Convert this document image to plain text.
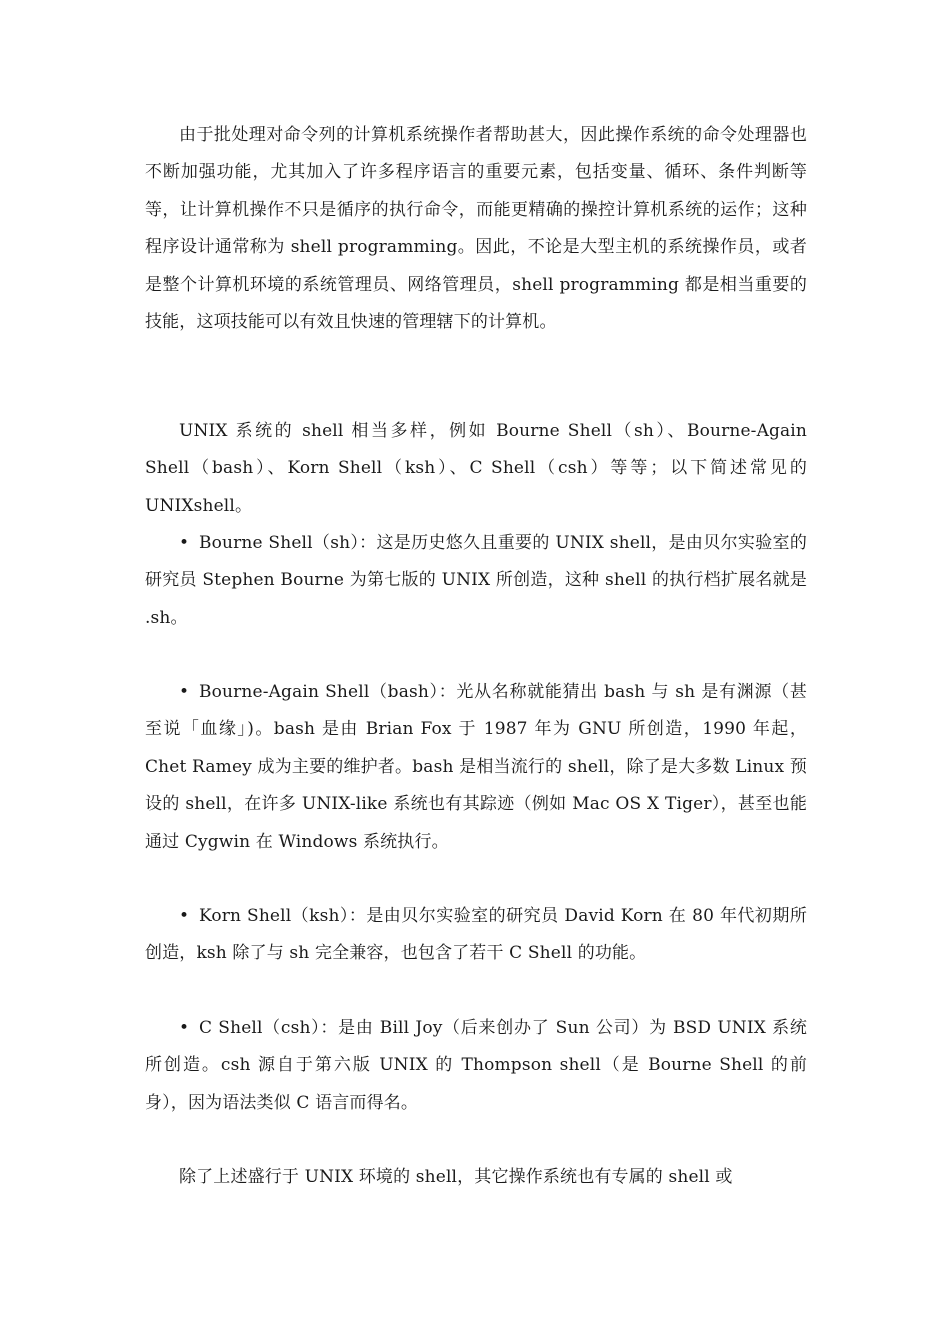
由于批处理对命令列的计算机系统操作者帮助甚大，因此操作系统的命令处理器也不断加强功能，尤其加入了许多程序语言的重要元素，包括变量、循环、条件判断等等，让计算机操作不只是循序的执行命令，而能更精确的操控计算机系统的运作；这种程序设计通常称为 shell programming。因此，不论是大型主机的系统操作员，或者是整个计算机环境的系统管理员、网络管理员，shell programming 都是相当重要的技能，这项技能可以有效且快速的管理辖下的计算机。

UNIX 系统的 shell 相当多样，例如 Bourne Shell（sh）、Bourne-Again Shell（bash）、Korn Shell（ksh）、C Shell（csh）等等；以下简述常见的 UNIXshell。

• Bourne Shell（sh）：这是历史悠久且重要的 UNIX shell，是由贝尔实验室的研究员 Stephen Bourne 为第七版的 UNIX 所创造，这种 shell 的执行档扩展名就是 .sh。

• Bourne-Again Shell（bash）：光从名称就能猜出 bash 与 sh 是有渊源（甚至说「血缘」)。bash 是由 Brian Fox 于 1987 年为 GNU 所创造，1990 年起，Chet Ramey 成为主要的维护者。bash 是相当流行的 shell，除了是大多数 Linux 预设的 shell，在许多 UNIX-like 系统也有其踪迹（例如 Mac OS X Tiger），甚至也能通过 Cygwin 在 Windows 系统执行。

• Korn Shell（ksh）：是由贝尔实验室的研究员 David Korn 在 80 年代初期所创造，ksh 除了与 sh 完全兼容，也包含了若干 C Shell 的功能。

• C Shell（csh）：是由 Bill Joy（后来创办了 Sun 公司）为 BSD UNIX 系统所创造。csh 源自于第六版 UNIX 的 Thompson shell（是 Bourne Shell 的前身），因为语法类似 C 语言而得名。

除了上述盛行于 UNIX 环境的 shell，其它操作系统也有专属的 shell 或
